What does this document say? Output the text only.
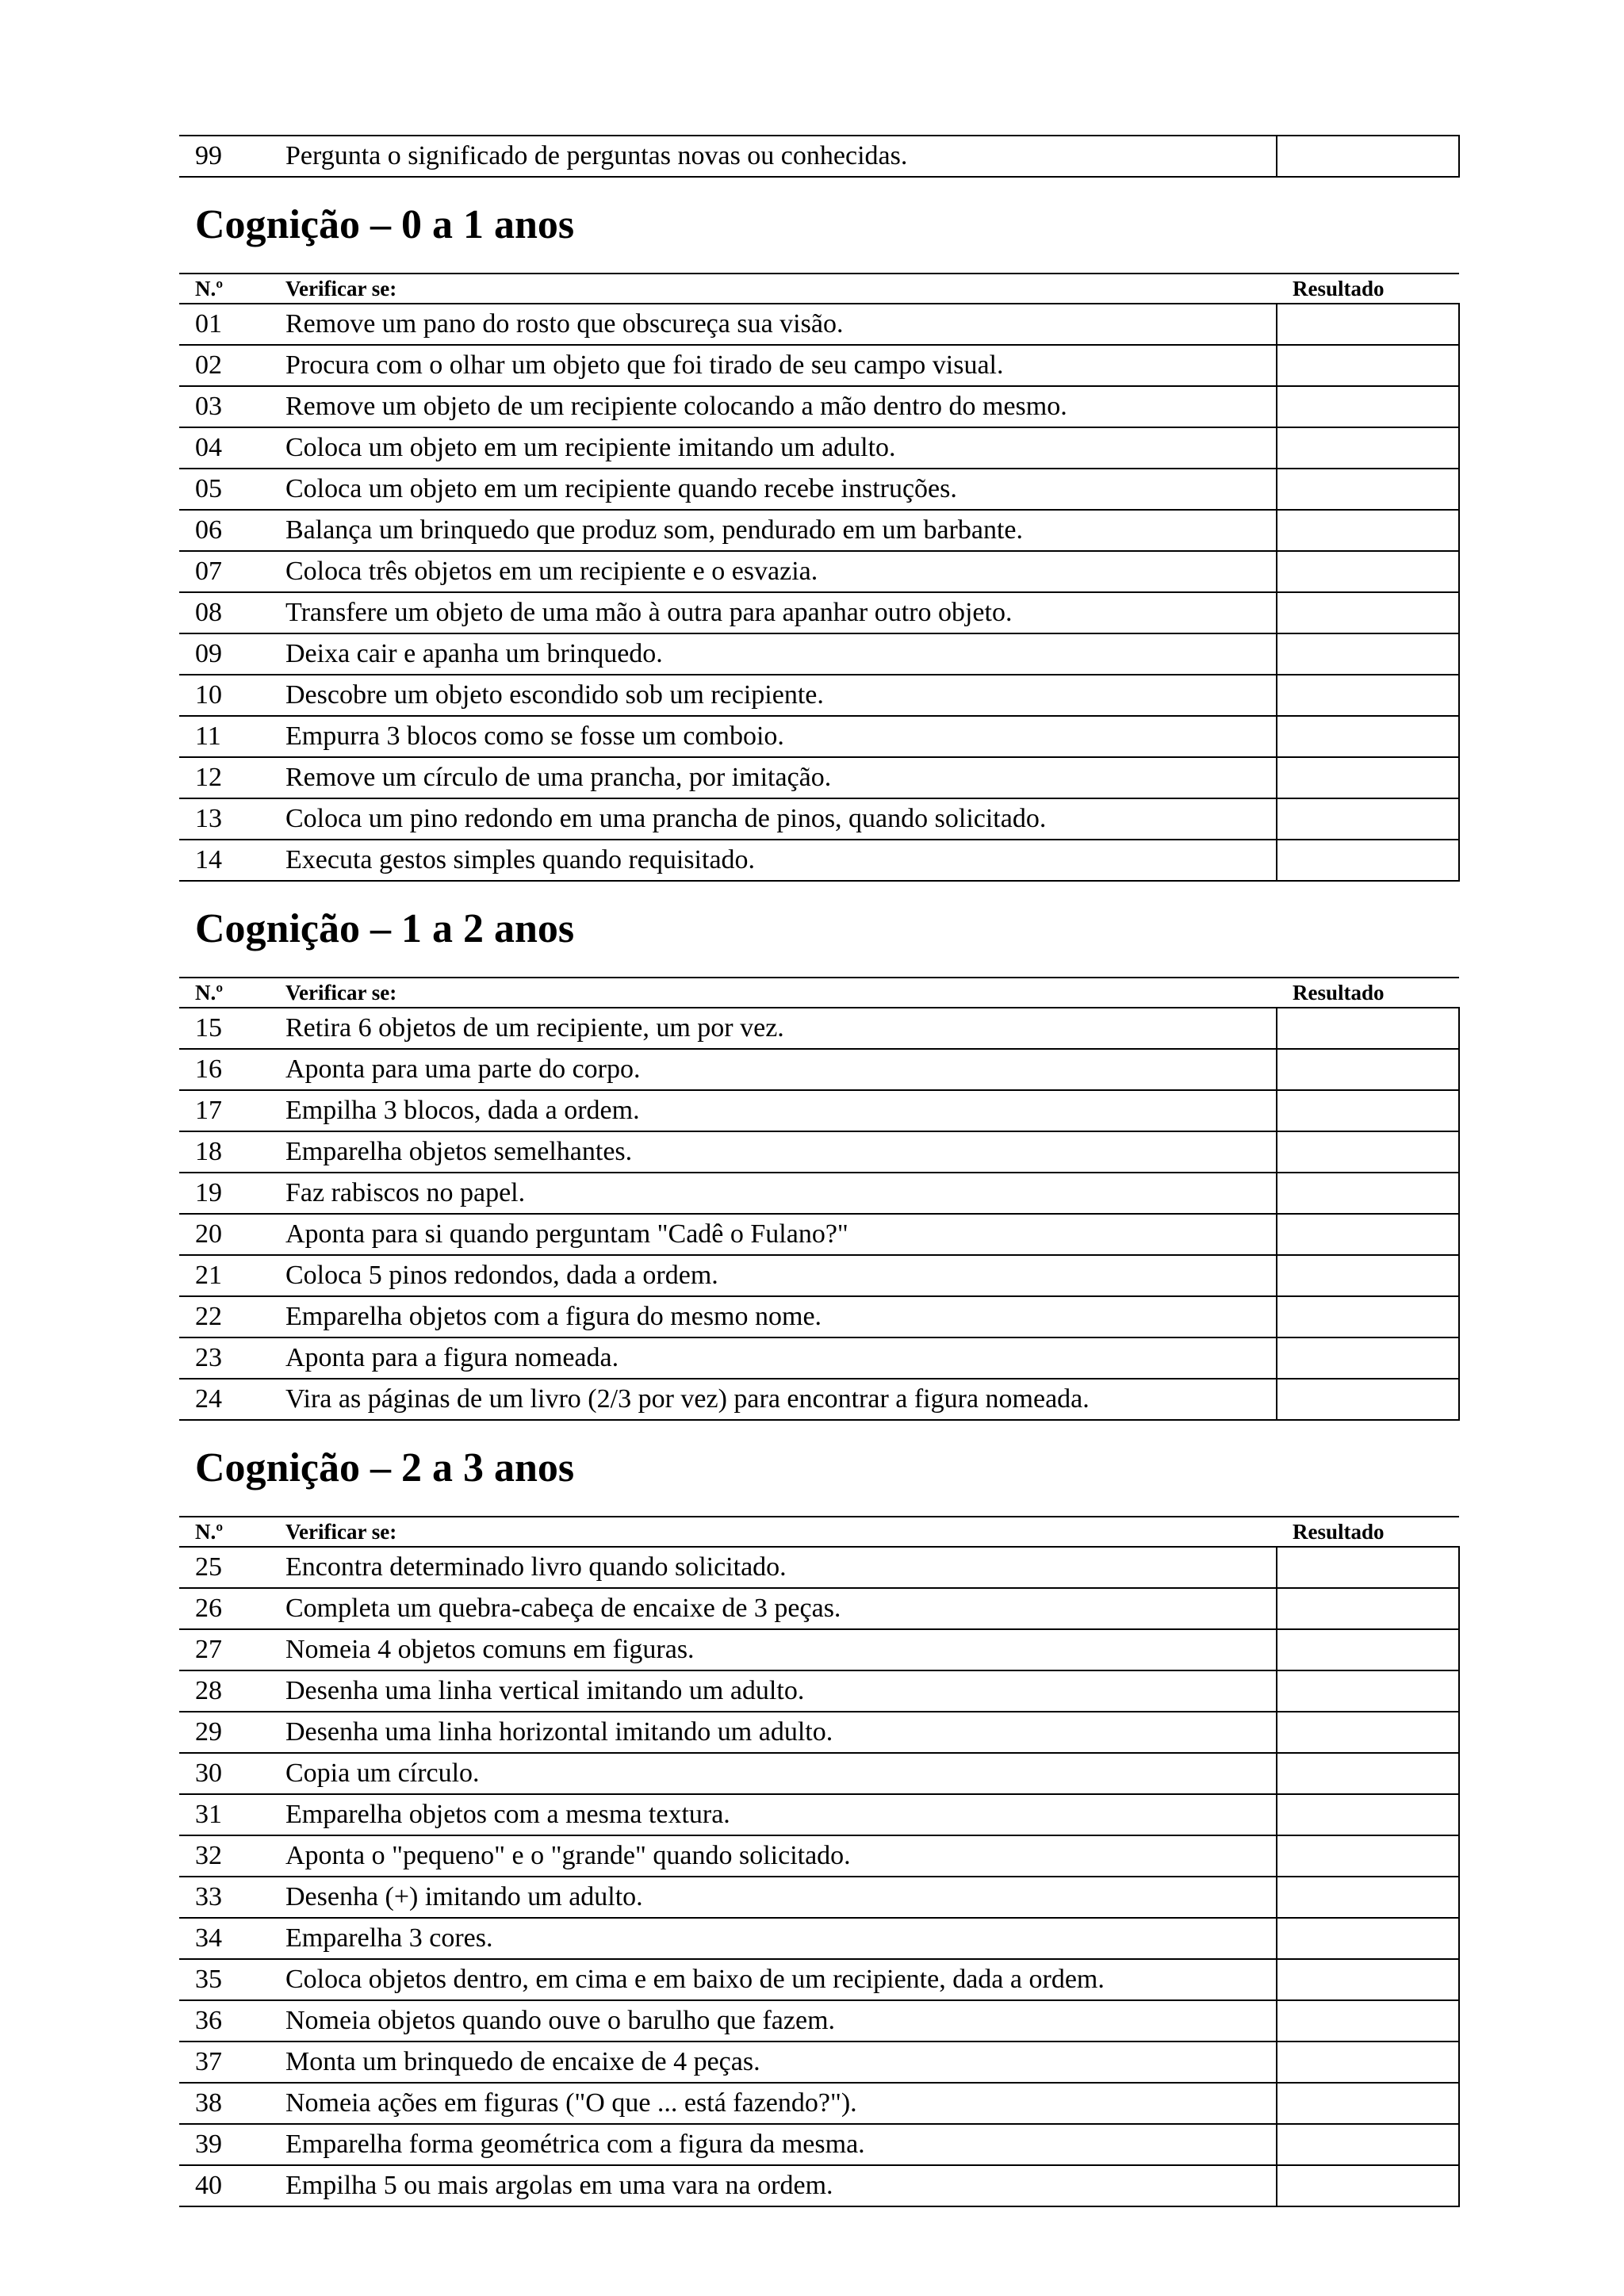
99	Pergunta o significado de perguntas novas ou conhecidas.	
Cognição – 0 a 1 anos
N.º	Verificar se:	Resultado
01	Remove um pano do rosto que obscureça sua visão.	
02	Procura com o olhar um objeto que foi tirado de seu campo visual.	
03	Remove um objeto de um recipiente colocando a mão dentro do mesmo.	
04	Coloca um objeto em um recipiente imitando um adulto.	
05	Coloca um objeto em um recipiente quando recebe instruções.	
06	Balança um brinquedo que produz som, pendurado em um barbante.	
07	Coloca três objetos em um recipiente e o esvazia.	
08	Transfere um objeto de uma mão à outra para apanhar outro objeto.	
09	Deixa cair e apanha um brinquedo.	
10	Descobre um objeto escondido sob um recipiente.	
11	Empurra 3 blocos como se fosse um comboio.	
12	Remove um círculo de uma prancha, por imitação.	
13	Coloca um pino redondo em uma prancha de pinos, quando solicitado.	
14	Executa gestos simples quando requisitado.	
Cognição – 1 a 2 anos
N.º	Verificar se:	Resultado
15	Retira 6 objetos de um recipiente, um por vez.	
16	Aponta para uma parte do corpo.	
17	Empilha 3 blocos, dada a ordem.	
18	Emparelha objetos semelhantes.	
19	Faz rabiscos no papel.	
20	Aponta para si quando perguntam "Cadê o Fulano?"	
21	Coloca 5 pinos redondos, dada a ordem.	
22	Emparelha objetos com a figura do mesmo nome.	
23	Aponta para a figura nomeada.	
24	Vira as páginas de um livro (2/3 por vez) para encontrar a figura nomeada.	
Cognição – 2 a 3 anos
N.º	Verificar se:	Resultado
25	Encontra determinado livro quando solicitado.	
26	Completa um quebra-cabeça de encaixe de 3 peças.	
27	Nomeia 4 objetos comuns em figuras.	
28	Desenha uma linha vertical imitando um adulto.	
29	Desenha uma linha horizontal imitando um adulto.	
30	Copia um círculo.	
31	Emparelha objetos com a mesma textura.	
32	Aponta o "pequeno" e o "grande" quando solicitado.	
33	Desenha (+) imitando um adulto.	
34	Emparelha 3 cores.	
35	Coloca objetos dentro, em cima e em baixo de um recipiente, dada a ordem.	
36	Nomeia objetos quando ouve o barulho que fazem.	
37	Monta um brinquedo de encaixe de 4 peças.	
38	Nomeia ações em figuras ("O que ... está fazendo?").	
39	Emparelha forma geométrica com a figura da mesma.	
40	Empilha 5 ou mais argolas em uma vara na ordem.	
